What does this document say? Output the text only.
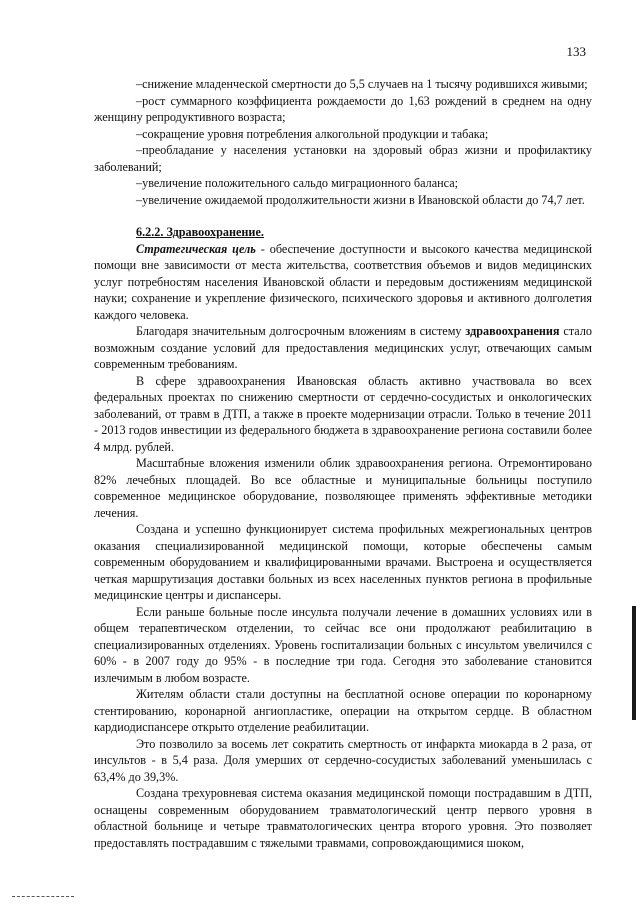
133

–снижение младенческой смертности до 5,5 случаев на 1 тысячу родившихся живыми;

–рост суммарного коэффициента рождаемости до 1,63 рождений в среднем на одну женщину репродуктивного возраста;

–сокращение уровня потребления алкогольной продукции и табака;

–преобладание у населения установки на здоровый образ жизни и профилактику заболеваний;

–увеличение положительного сальдо миграционного баланса;

–увеличение ожидаемой продолжительности жизни в Ивановской области до 74,7 лет.

6.2.2. Здравоохранение.

Стратегическая цель - обеспечение доступности и высокого качества медицинской помощи вне зависимости от места жительства, соответствия объемов и видов медицинских услуг потребностям населения Ивановской области и передовым достижениям медицинской науки; сохранение и укрепление физического, психического здоровья и активного долголетия каждого человека.

Благодаря значительным долгосрочным вложениям в систему здравоохранения стало возможным создание условий для предоставления медицинских услуг, отвечающих самым современным требованиям.

В сфере здравоохранения Ивановская область активно участвовала во всех федеральных проектах по снижению смертности от сердечно-сосудистых и онкологических заболеваний, от травм в ДТП, а также в проекте модернизации отрасли. Только в течение 2011 - 2013 годов инвестиции из федерального бюджета в здравоохранение региона составили более 4 млрд. рублей.

Масштабные вложения изменили облик здравоохранения региона. Отремонтировано 82% лечебных площадей. Во все областные и муниципальные больницы поступило современное медицинское оборудование, позволяющее применять эффективные методики лечения.

Создана и успешно функционирует система профильных межрегиональных центров оказания специализированной медицинской помощи, которые обеспечены самым современным оборудованием и квалифицированными врачами. Выстроена и осуществляется четкая маршрутизация доставки больных из всех населенных пунктов региона в профильные медицинские центры и диспансеры.

Если раньше больные после инсульта получали лечение в домашних условиях или в общем терапевтическом отделении, то сейчас все они продолжают реабилитацию в специализированных отделениях. Уровень госпитализации больных с инсультом увеличился с 60% - в 2007 году до 95% - в последние три года. Сегодня это заболевание становится излечимым в любом возрасте.

Жителям области стали доступны на бесплатной основе операции по коронарному стентированию, коронарной ангиопластике, операции на открытом сердце. В областном кардиодиспансере открыто отделение реабилитации.

Это позволило за восемь лет сократить смертность от инфаркта миокарда в 2 раза, от инсультов - в 5,4 раза. Доля умерших от сердечно-сосудистых заболеваний уменьшилась с 63,4% до 39,3%.

Создана трехуровневая система оказания медицинской помощи пострадавшим в ДТП, оснащены современным оборудованием травматологический центр первого уровня в областной больнице и четыре травматологических центра второго уровня. Это позволяет предоставлять пострадавшим с тяжелыми травмами, сопровождающимися шоком,
